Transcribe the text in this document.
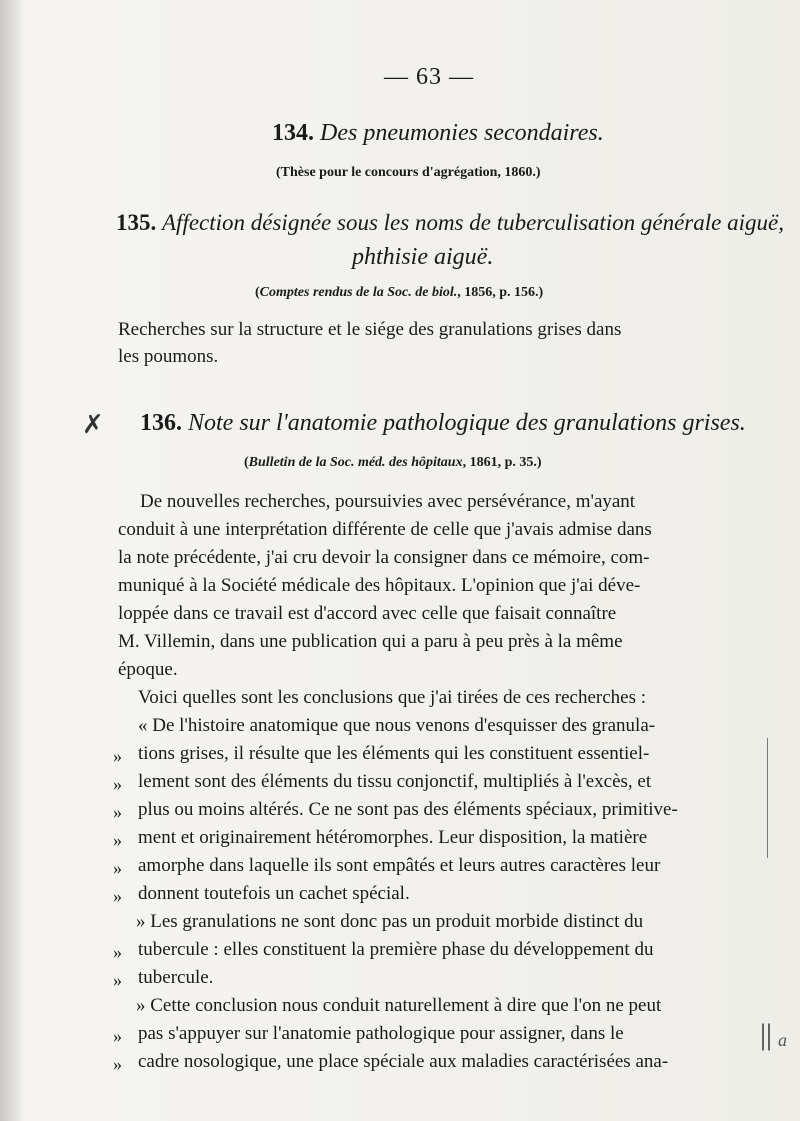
— 63 —
134. Des pneumonies secondaires.
(Thèse pour le concours d'agrégation, 1860.)
135. Affection désignée sous les noms de tuberculisation générale aiguë,
phthisie aiguë.
(Comptes rendus de la Soc. de biol., 1856, p. 156.)
Recherches sur la structure et le siége des granulations grises dans
les poumons.
✗ 136. Note sur l'anatomie pathologique des granulations grises.
(Bulletin de la Soc. méd. des hôpitaux, 1861, p. 35.)
De nouvelles recherches, poursuivies avec persévérance, m'ayant
conduit à une interprétation différente de celle que j'avais admise dans
la note précédente, j'ai cru devoir la consigner dans ce mémoire, com-
muniqué à la Société médicale des hôpitaux. L'opinion que j'ai déve-
loppée dans ce travail est d'accord avec celle que faisait connaître
M. Villemin, dans une publication qui a paru à peu près à la même
époque.
Voici quelles sont les conclusions que j'ai tirées de ces recherches :
« De l'histoire anatomique que nous venons d'esquisser des granula-
» tions grises, il résulte que les éléments qui les constituent essentiel-
» lement sont des éléments du tissu conjonctif, multipliés à l'excès, et
» plus ou moins altérés. Ce ne sont pas des éléments spéciaux, primitive-
» ment et originairement hétéromorphes. Leur disposition, la matière
» amorphe dans laquelle ils sont empâtés et leurs autres caractères leur
» donnent toutefois un cachet spécial.
» Les granulations ne sont donc pas un produit morbide distinct du
» tubercule : elles constituent la première phase du développement du
» tubercule.
» Cette conclusion nous conduit naturellement à dire que l'on ne peut
» pas s'appuyer sur l'anatomie pathologique pour assigner, dans le
» cadre nosologique, une place spéciale aux maladies caractérisées ana-
|| a
